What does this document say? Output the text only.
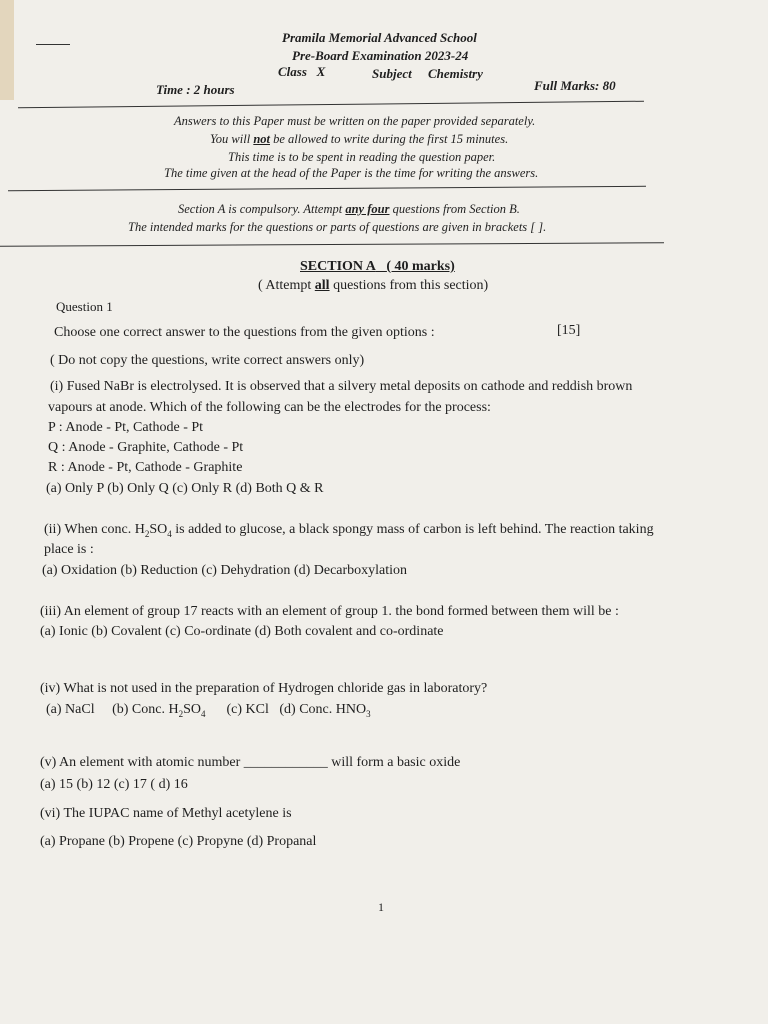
Pramila Memorial Advanced School
Pre-Board Examination 2023-24
Class X	Subject Chemistry
Time : 2 hours	Full Marks: 80
Answers to this Paper must be written on the paper provided separately.
You will not be allowed to write during the first 15 minutes.
This time is to be spent in reading the question paper.
The time given at the head of the Paper is the time for writing the answers.
Section A is compulsory. Attempt any four questions from Section B.
The intended marks for the questions or parts of questions are given in brackets [ ].
SECTION A ( 40 marks)
( Attempt all questions from this section)
Question 1
Choose one correct answer to the questions from the given options :	[15]
( Do not copy the questions, write correct answers only)
(i) Fused NaBr is electrolysed. It is observed that a silvery metal deposits on cathode and reddish brown
vapours at anode. Which of the following can be the electrodes for the process:
P : Anode - Pt, Cathode - Pt
Q : Anode - Graphite, Cathode - Pt
R : Anode - Pt, Cathode - Graphite
(a) Only P (b) Only Q (c) Only R (d) Both Q & R
(ii) When conc. $H_2SO_4$ is added to glucose, a black spongy mass of carbon is left behind. The reaction taking
place is :
(a) Oxidation (b) Reduction (c) Dehydration (d) Decarboxylation
(iii) An element of group 17 reacts with an element of group 1. the bond formed between them will be :
(a) Ionic (b) Covalent (c) Co-ordinate (d) Both covalent and co-ordinate
(iv) What is not used in the preparation of Hydrogen chloride gas in laboratory?
(a) NaCl (b) Conc. $H_2SO_4$ (c) KCl (d) Conc. $HNO_3$
(v) An element with atomic number ____________ will form a basic oxide
(a) 15 (b) 12 (c) 17 ( d) 16
(vi) The IUPAC name of Methyl acetylene is
(a) Propane (b) Propene (c) Propyne (d) Propanal
1
